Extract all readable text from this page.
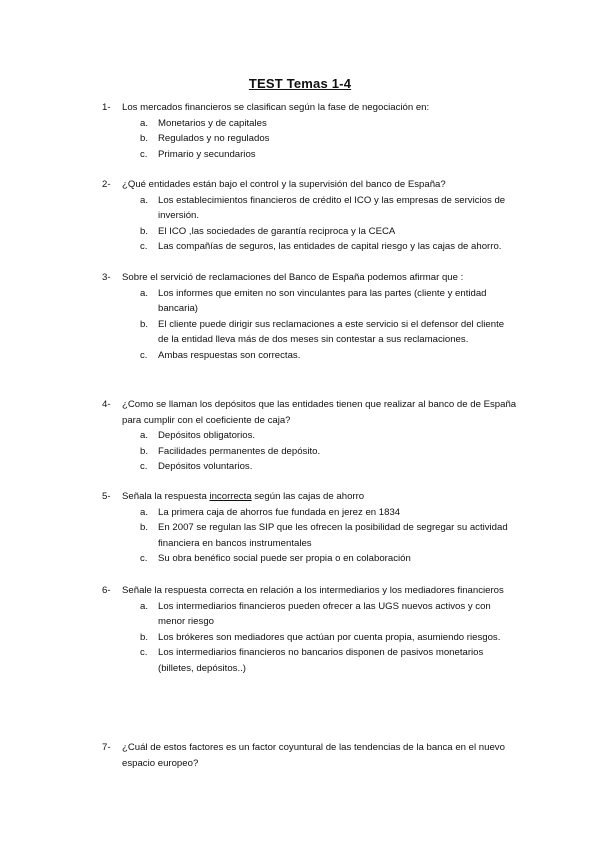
TEST Temas 1-4
1-	Los mercados financieros se clasifican según la fase de negociación en:
a.	Monetarios y de capitales
b.	Regulados y no regulados
c.	Primario y secundarios
2-	¿Qué entidades están bajo el control y la supervisión del banco de España?
a.	Los establecimientos financieros de crédito el ICO y las empresas de servicios de inversión.
b.	El ICO ,las sociedades de garantía reciproca y la CECA
c.	Las compañías de seguros, las entidades de capital riesgo y las cajas de ahorro.
3-	Sobre el servició de reclamaciones del Banco de España podemos afirmar que :
a.	Los informes que emiten no son vinculantes para las partes (cliente y entidad bancaria)
b.	El cliente puede dirigir sus reclamaciones a este servicio si el defensor del cliente de la entidad lleva más de dos meses sin contestar a sus reclamaciones.
c.	Ambas respuestas son correctas.
4-	¿Como se llaman los depósitos que las entidades tienen que realizar al banco de de España para cumplir con el coeficiente de caja?
a.	Depósitos obligatorios.
b.	Facilidades permanentes de depósito.
c.	Depósitos voluntarios.
5-	Señala la respuesta incorrecta según las cajas de ahorro
a.	La primera caja de ahorros fue fundada en jerez en 1834
b.	En 2007 se regulan las SIP que les ofrecen la posibilidad de segregar su actividad financiera en bancos instrumentales
c.	Su obra benéfico social puede ser propia o en colaboración
6-	Señale la respuesta correcta en relación a los intermediarios y los mediadores financieros
a.	Los intermediarios financieros pueden ofrecer a las UGS nuevos activos y con menor riesgo
b.	Los brókeres son mediadores que actúan por cuenta propia, asumiendo riesgos.
c.	Los intermediarios financieros no bancarios disponen de pasivos monetarios (billetes, depósitos..)
7-	¿Cuál de estos factores es un factor coyuntural de las tendencias de la banca en el nuevo espacio europeo?
